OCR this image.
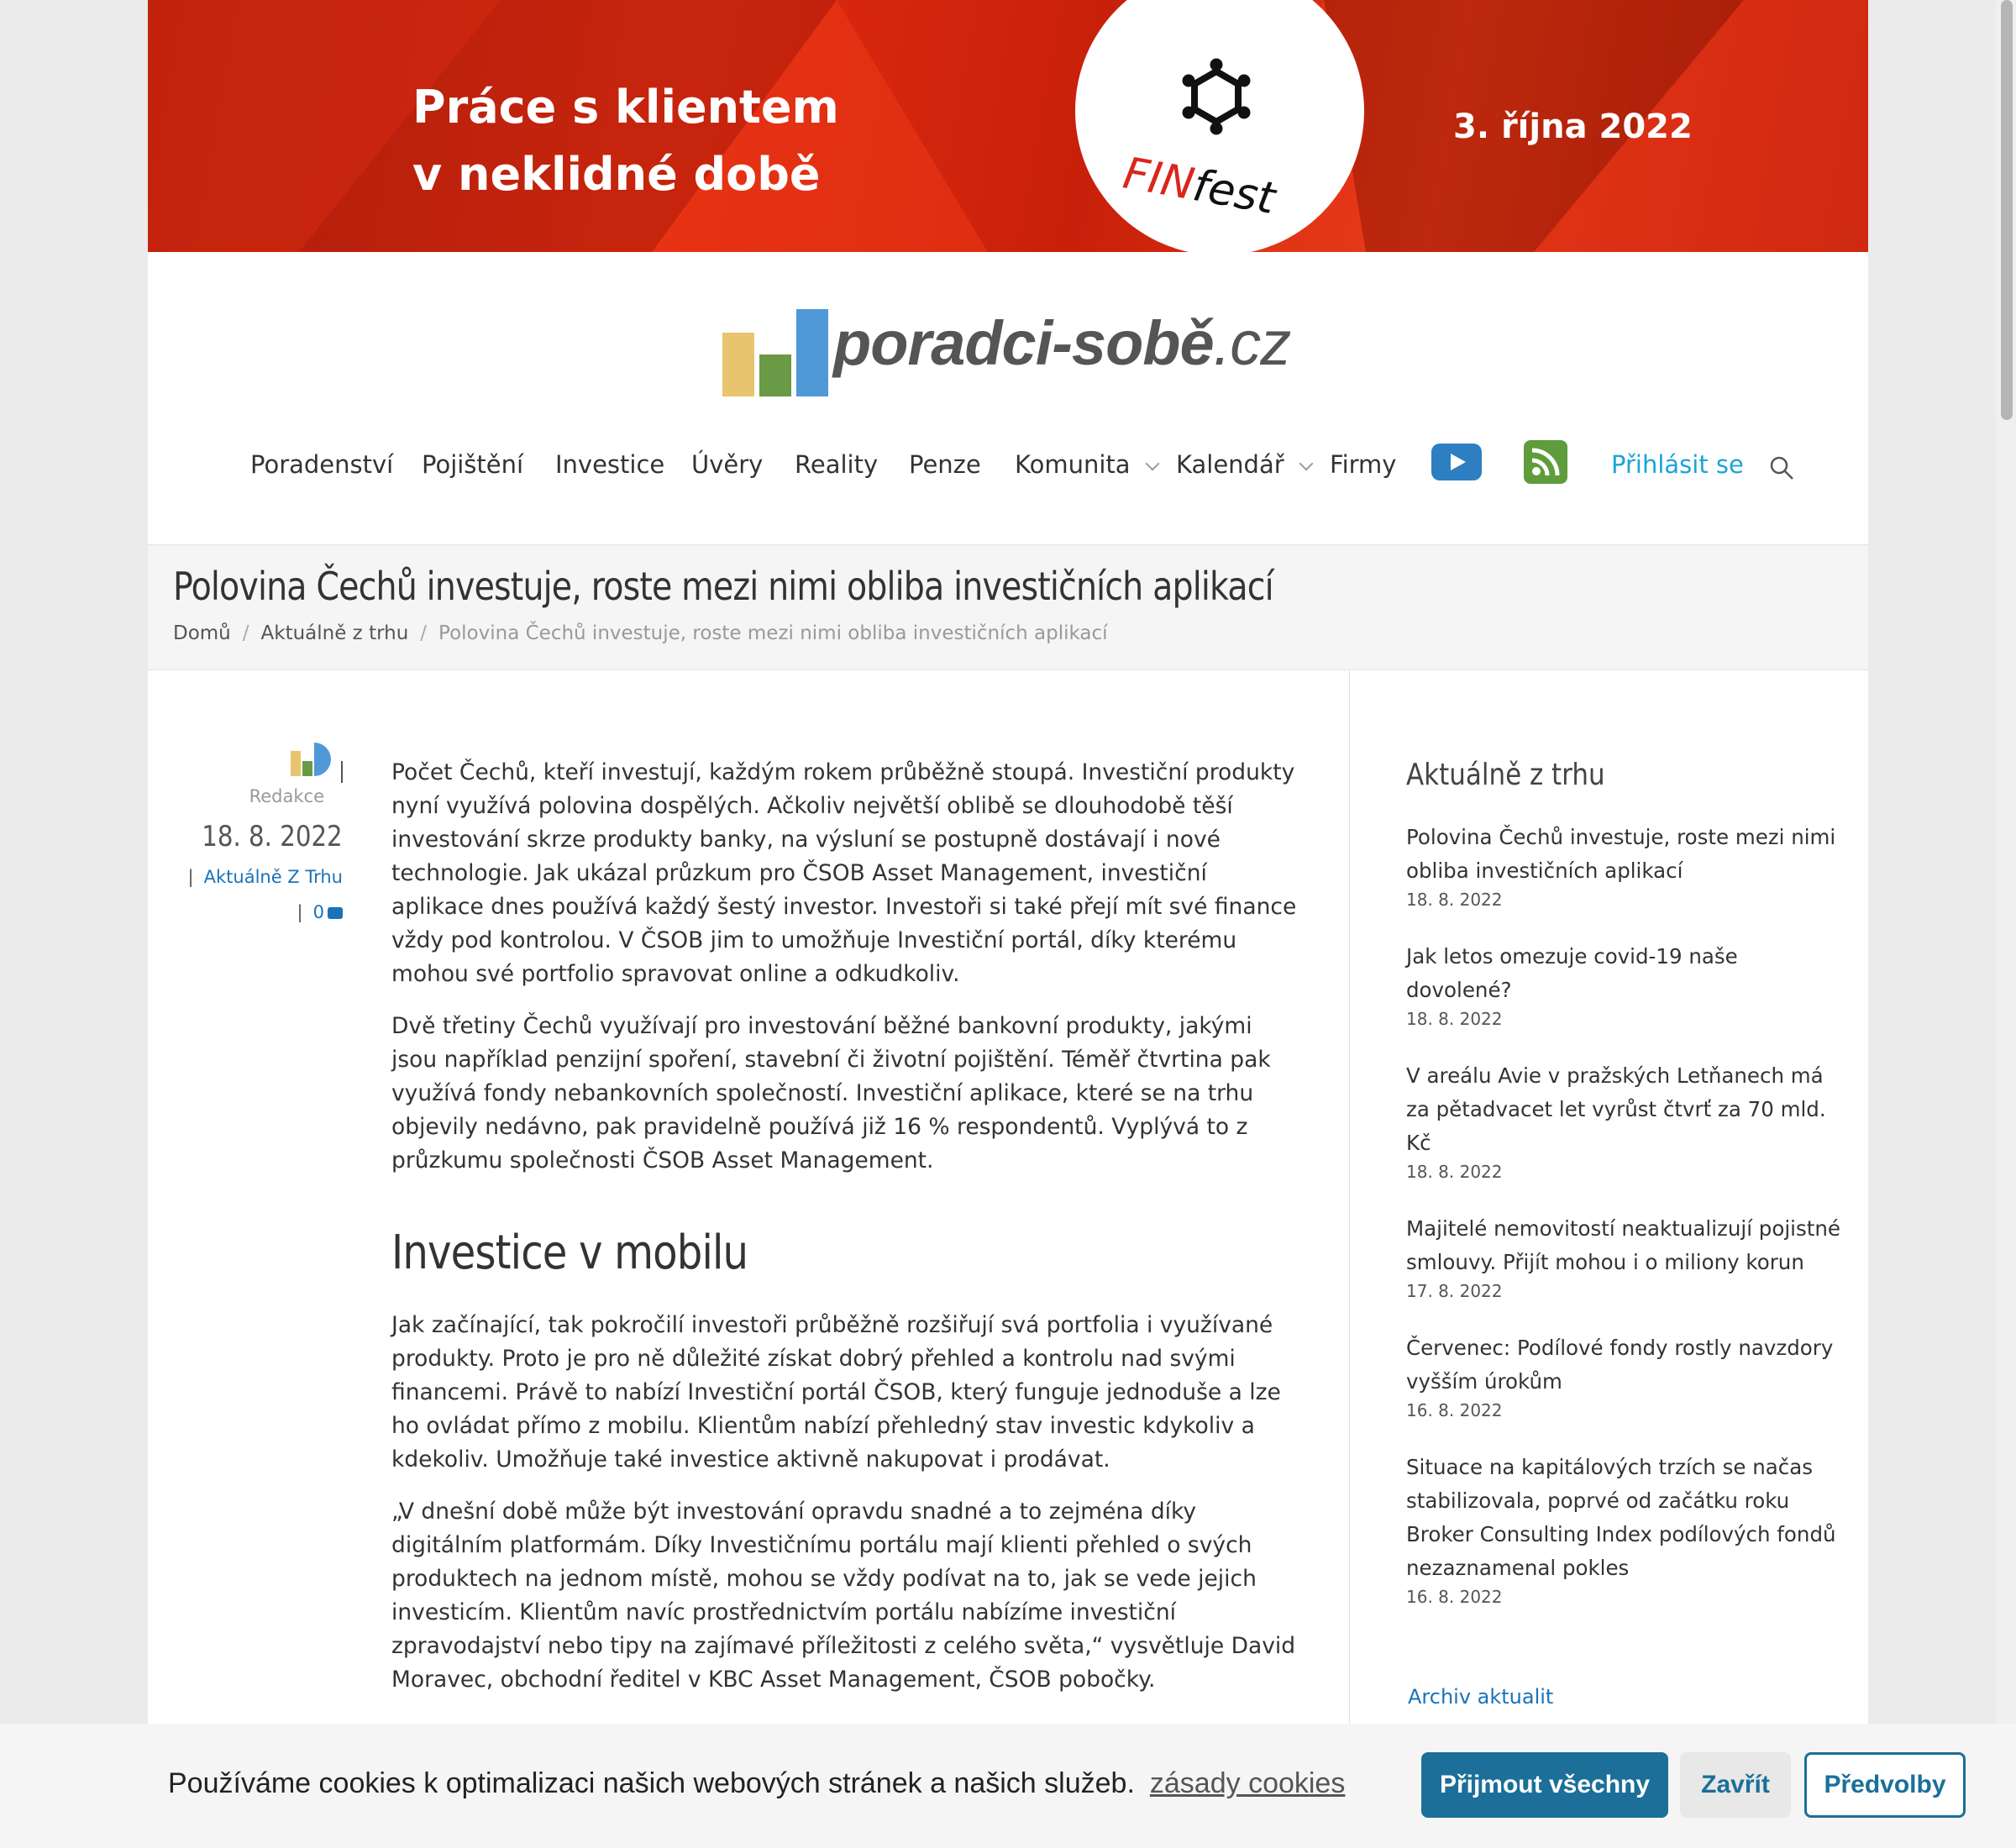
Práce s klientem
v neklidné době	FINfest
3. října 2022
poradci-sobě.cz
Poradenství Pojištění Investice Úvěry Reality Penze Komunita	Kalendář	Firmy	Přihlásit se
Polovina Čechů investuje, roste mezi nimi obliba investičních aplikací
Domů / Aktuálně z trhu / Polovina Čechů investuje, roste mezi nimi obliba investičních aplikací
Redakce
18. 8. 2022
| Aktuálně Z Trhu
| 0

Počet Čechů, kteří investují, každým rokem průběžně stoupá. Investiční produkty nyní využívá polovina dospělých. Ačkoliv největší oblibě se dlouhodobě těší investování skrze produkty banky, na výsluní se postupně dostávají i nové technologie. Jak ukázal průzkum pro ČSOB Asset Management, investiční aplikace dnes používá každý šestý investor. Investoři si také přejí mít své finance vždy pod kontrolou. V ČSOB jim to umožňuje Investiční portál, díky kterému mohou své portfolio spravovat online a odkudkoliv.

Dvě třetiny Čechů využívají pro investování běžné bankovní produkty, jakými jsou například penzijní spoření, stavební či životní pojištění. Téměř čtvrtina pak využívá fondy nebankovních společností. Investiční aplikace, které se na trhu objevily nedávno, pak pravidelně používá již 16 % respondentů. Vyplývá to z průzkumu společnosti ČSOB Asset Management.

Investice v mobilu

Jak začínající, tak pokročilí investoři průběžně rozšiřují svá portfolia i využívané produkty. Proto je pro ně důležité získat dobrý přehled a kontrolu nad svými financemi. Právě to nabízí Investiční portál ČSOB, který funguje jednoduše a lze ho ovládat přímo z mobilu. Klientům nabízí přehledný stav investic kdykoliv a kdekoliv. Umožňuje také investice aktivně nakupovat i prodávat.

„V dnešní době může být investování opravdu snadné a to zejména díky digitálním platformám. Díky Investičnímu portálu mají klienti přehled o svých produktech na jednom místě, mohou se vždy podívat na to, jak se vede jejich investicím. Klientům navíc prostřednictvím portálu nabízíme investiční zpravodajství nebo tipy na zajímavé příležitosti z celého světa,“ vysvětluje David Moravec, obchodní ředitel v KBC Asset Management, ČSOB pobočky.

Aktuálně z trhu
Polovina Čechů investuje, roste mezi nimi obliba investičních aplikací
18. 8. 2022
Jak letos omezuje covid-19 naše dovolené?
18. 8. 2022
V areálu Avie v pražských Letňanech má za pětadvacet let vyrůst čtvrť za 70 mld. Kč
18. 8. 2022
Majitelé nemovitostí neaktualizují pojistné smlouvy. Přijít mohou i o miliony korun
17. 8. 2022
Červenec: Podílové fondy rostly navzdory vyšším úrokům
16. 8. 2022
Situace na kapitálových trzích se načas stabilizovala, poprvé od začátku roku Broker Consulting Index podílových fondů nezaznamenal pokles
16. 8. 2022
Archiv aktualit
Používáme cookies k optimalizaci našich webových stránek a našich služeb. zásady cookies	Přijmout všechny	Zavřít	Předvolby
